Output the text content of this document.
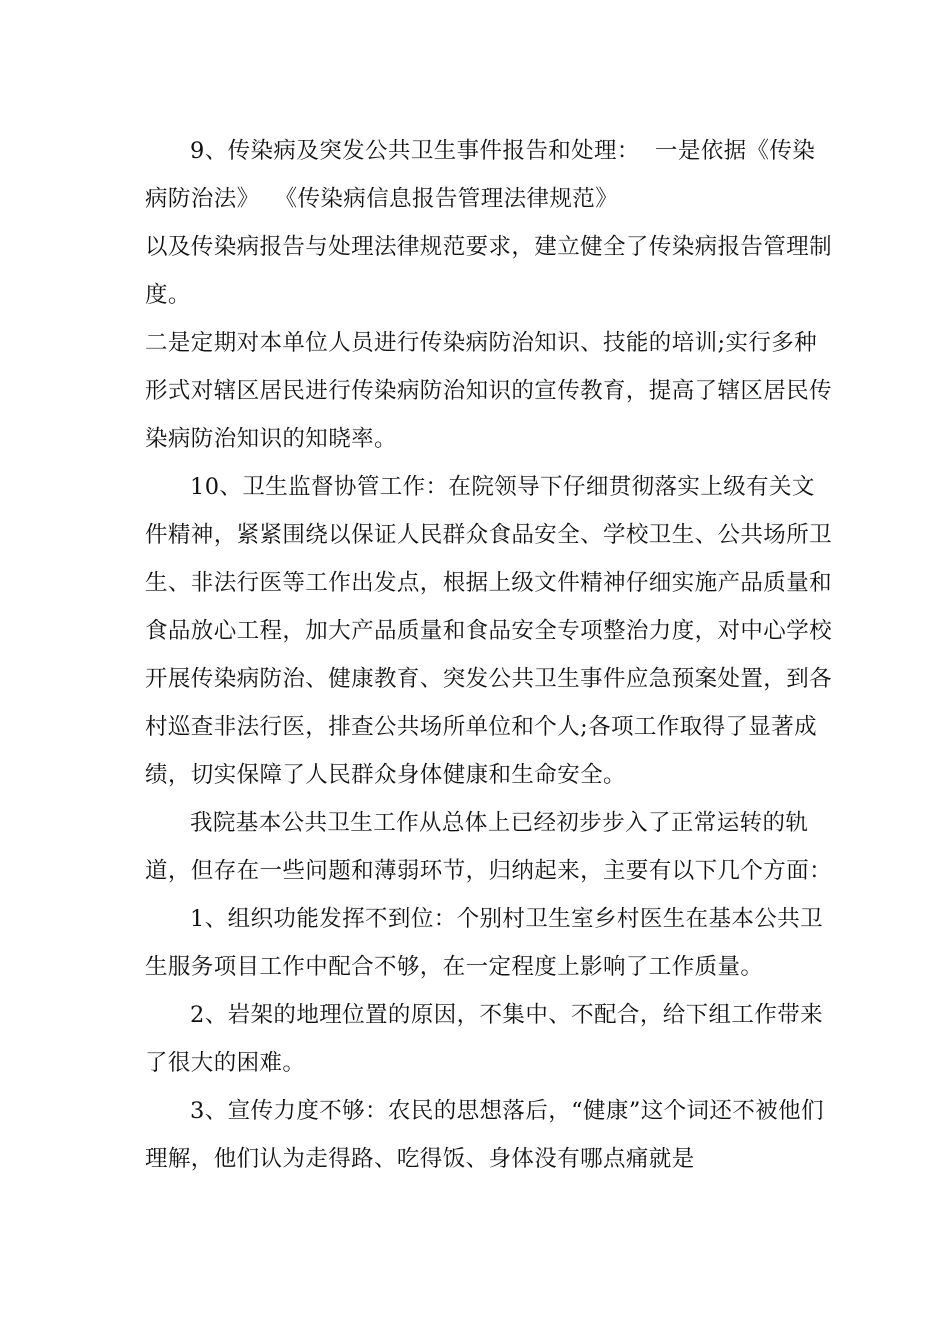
9、传染病及突发公共卫生事件报告和处理：  一是依据《传染病防治法》  《传染病信息报告管理法律规范》

以及传染病报告与处理法律规范要求，建立健全了传染病报告管理制度。

二是定期对本单位人员进行传染病防治知识、技能的培训;实行多种形式对辖区居民进行传染病防治知识的宣传教育，提高了辖区居民传染病防治知识的知晓率。

10、卫生监督协管工作：在院领导下仔细贯彻落实上级有关文件精神，紧紧围绕以保证人民群众食品安全、学校卫生、公共场所卫生、非法行医等工作出发点，根据上级文件精神仔细实施产品质量和食品放心工程，加大产品质量和食品安全专项整治力度，对中心学校开展传染病防治、健康教育、突发公共卫生事件应急预案处置，到各村巡查非法行医，排查公共场所单位和个人;各项工作取得了显著成绩，切实保障了人民群众身体健康和生命安全。

我院基本公共卫生工作从总体上已经初步步入了正常运转的轨道，但存在一些问题和薄弱环节，归纳起来，主要有以下几个方面：

1、组织功能发挥不到位：个别村卫生室乡村医生在基本公共卫生服务项目工作中配合不够，在一定程度上影响了工作质量。

2、岩架的地理位置的原因，不集中、不配合，给下组工作带来了很大的困难。

3、宣传力度不够：农民的思想落后，“健康”这个词还不被他们理解，他们认为走得路、吃得饭、身体没有哪点痛就是
